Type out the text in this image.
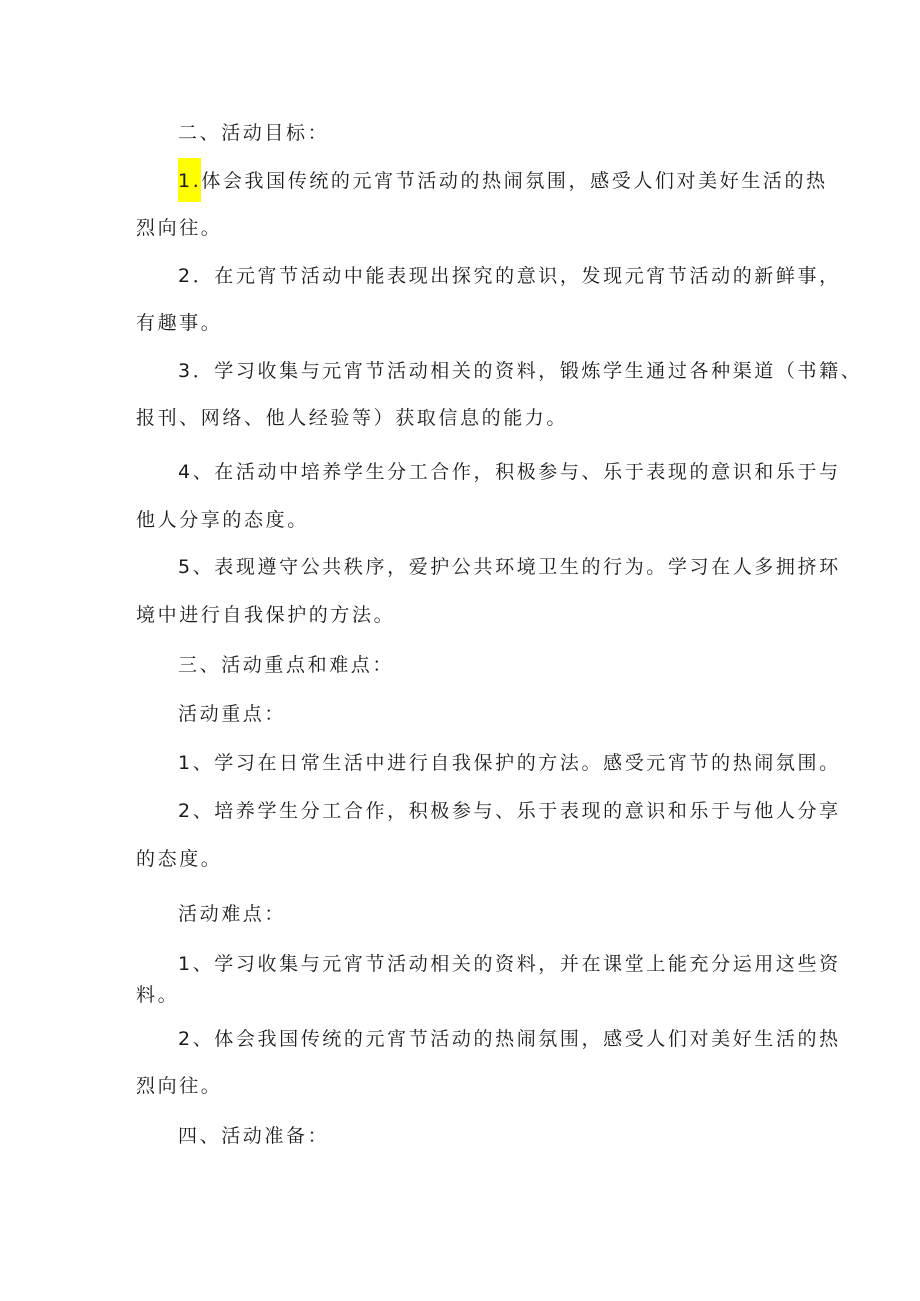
二、活动目标：
1.体会我国传统的元宵节活动的热闹氛围，感受人们对美好生活的热
烈向往。
2．在元宵节活动中能表现出探究的意识，发现元宵节活动的新鲜事，
有趣事。
3．学习收集与元宵节活动相关的资料，锻炼学生通过各种渠道（书籍、
报刊、网络、他人经验等）获取信息的能力。
4、在活动中培养学生分工合作，积极参与、乐于表现的意识和乐于与
他人分享的态度。
5、表现遵守公共秩序，爱护公共环境卫生的行为。学习在人多拥挤环
境中进行自我保护的方法。
三、活动重点和难点：
活动重点：
1、学习在日常生活中进行自我保护的方法。感受元宵节的热闹氛围。
2、培养学生分工合作，积极参与、乐于表现的意识和乐于与他人分享
的态度。
活动难点：
1、学习收集与元宵节活动相关的资料，并在课堂上能充分运用这些资
料。
2、体会我国传统的元宵节活动的热闹氛围，感受人们对美好生活的热
烈向往。
四、活动准备：
